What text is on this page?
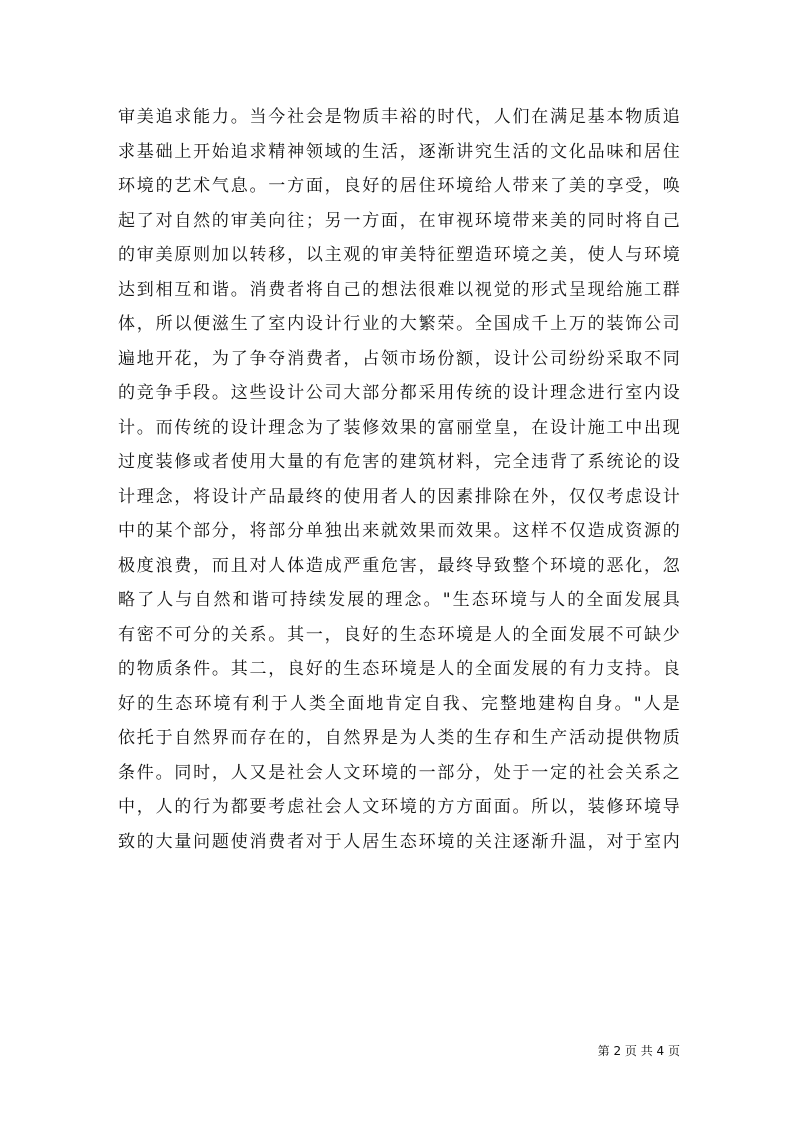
审美追求能力。当今社会是物质丰裕的时代，人们在满足基本物质追
求基础上开始追求精神领域的生活，逐渐讲究生活的文化品味和居住
环境的艺术气息。一方面，良好的居住环境给人带来了美的享受，唤
起了对自然的审美向往；另一方面，在审视环境带来美的同时将自己
的审美原则加以转移，以主观的审美特征塑造环境之美，使人与环境
达到相互和谐。消费者将自己的想法很难以视觉的形式呈现给施工群
体，所以便滋生了室内设计行业的大繁荣。全国成千上万的装饰公司
遍地开花，为了争夺消费者，占领市场份额，设计公司纷纷采取不同
的竞争手段。这些设计公司大部分都采用传统的设计理念进行室内设
计。而传统的设计理念为了装修效果的富丽堂皇，在设计施工中出现
过度装修或者使用大量的有危害的建筑材料，完全违背了系统论的设
计理念，将设计产品最终的使用者人的因素排除在外，仅仅考虑设计
中的某个部分，将部分单独出来就效果而效果。这样不仅造成资源的
极度浪费，而且对人体造成严重危害，最终导致整个环境的恶化，忽
略了人与自然和谐可持续发展的理念。"生态环境与人的全面发展具
有密不可分的关系。其一，良好的生态环境是人的全面发展不可缺少
的物质条件。其二，良好的生态环境是人的全面发展的有力支持。良
好的生态环境有利于人类全面地肯定自我、完整地建构自身。"人是
依托于自然界而存在的，自然界是为人类的生存和生产活动提供物质
条件。同时，人又是社会人文环境的一部分，处于一定的社会关系之
中，人的行为都要考虑社会人文环境的方方面面。所以，装修环境导
致的大量问题使消费者对于人居生态环境的关注逐渐升温，对于室内
第 2 页 共 4 页
